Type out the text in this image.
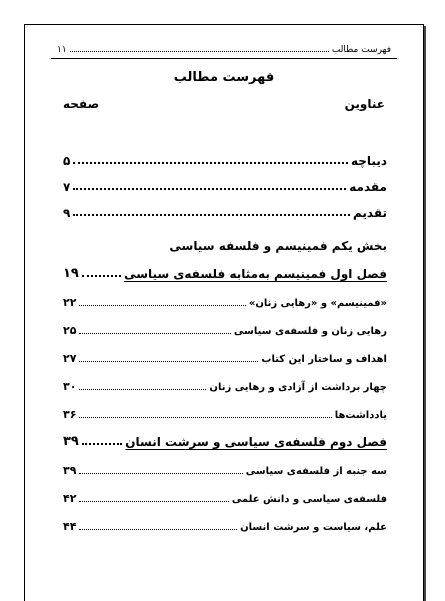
فهرست مطالب
۱۱
فهرست مطالب
عناوین
صفحه
دیباچه
۵
مقدمه
۷
تقدیم
۹
بخش یکم فمینیسم و فلسفه سیاسی
فصل اول فمینیسم به‌مثابه فلسفه‌ی سیاسی
۱۹
«فمینیسم» و «رهایی زنان»
۲۲
رهایی زنان و فلسفه‌ی سیاسی
۲۵
اهداف و ساختار این کتاب
۲۷
چهار برداشت از آزادی و رهایی زنان
۳۰
یادداشت‌ها
۳۶
فصل دوم فلسفه‌ی سیاسی و سرشت انسان
۳۹
سه جنبه از فلسفه‌ی سیاسی
۳۹
فلسفه‌ی سیاسی و دانش علمی
۴۲
علم، سیاست و سرشت انسان
۴۴
